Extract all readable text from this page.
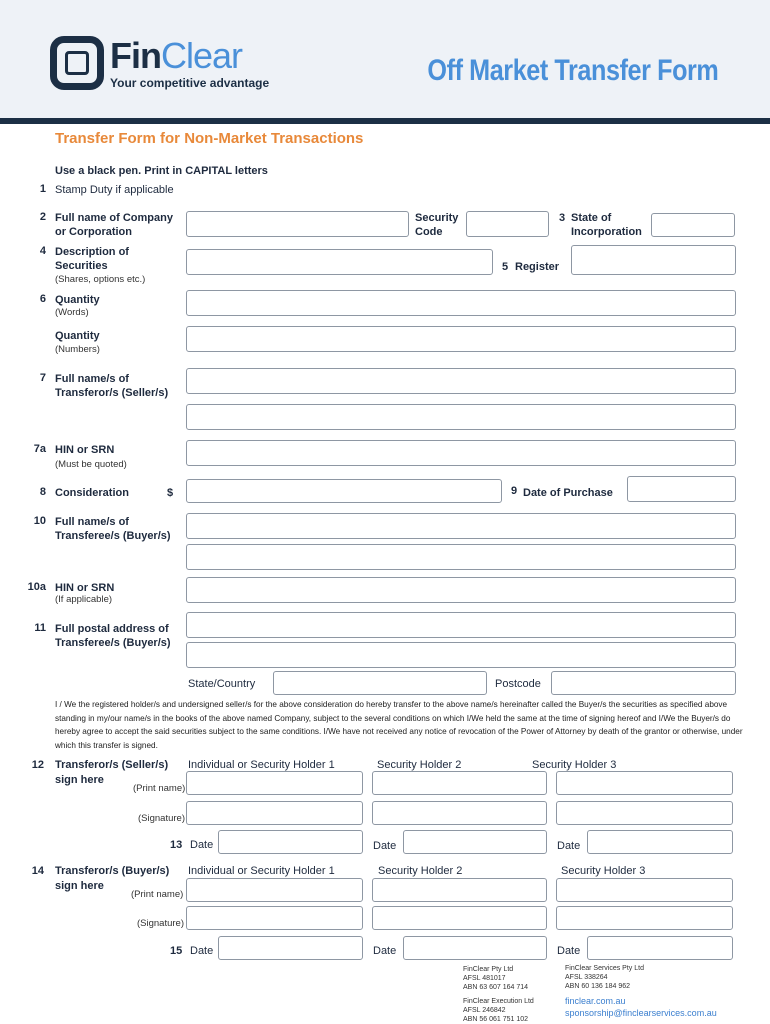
FinClear
Your competitive advantage	Off Market Transfer Form
Transfer Form for Non-Market Transactions
Use a black pen. Print in CAPITAL letters
1 Stamp Duty if applicable
2 Full name of Company
or Corporation
Security
Code
3 State of
Incorporation
4 Description of
Securities
(Shares, options etc.)
5 Register
6 Quantity
(Words)
Quantity
(Numbers)
7 Full name/s of
Transferor/s (Seller/s)
7a HIN or SRN
(Must be quoted)
8 Consideration	$	9 Date of Purchase
10 Full name/s of
Transferee/s (Buyer/s)
10a HIN or SRN
(If applicable)
11 Full postal address of
Transferee/s (Buyer/s)
State/Country	Postcode
I / We the registered holder/s and undersigned seller/s for the above consideration do hereby transfer to the above name/s hereinafter called the Buyer/s the securities as specified above standing in my/our name/s in the books of the above named Company, subject to the several conditions on which I/We held the same at the time of signing hereof and I/We the Buyer/s do hereby agree to accept the said securities subject to the same conditions. I/We have not received any notice of revocation of the Power of Attorney by death of the grantor or otherwise, under which this transfer is signed.
12 Transferor/s (Seller/s)
sign here
Individual or Security Holder 1	Security Holder 2	Security Holder 3
(Print name)
(Signature)
13 Date	Date	Date
14 Transferor/s (Buyer/s)
sign here
Individual or Security Holder 1	Security Holder 2	Security Holder 3
(Print name)
(Signature)
15 Date	Date	Date
FinClear Pty Ltd
AFSL 481017
ABN 63 607 164 714
FinClear Execution Ltd
AFSL 246842
ABN 56 061 751 102
FinClear Services Pty Ltd
AFSL 338264
ABN 60 136 184 962
finclear.com.au
sponsorship@finclearservices.com.au
